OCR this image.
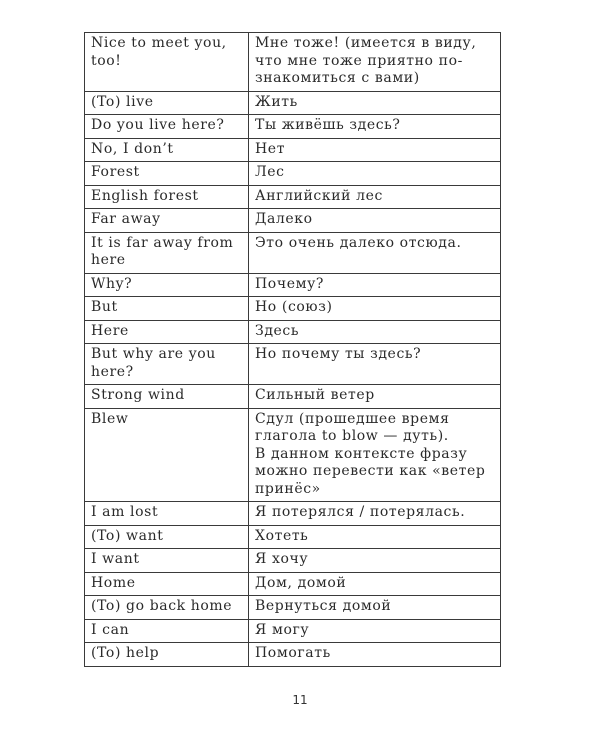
Nice to meet you, too!	Мне тоже! (имеется в виду,
что мне тоже приятно по-
знакомиться с вами)
(To) live	Жить
Do you live here?	Ты живёшь здесь?
No, I don’t	Нет
Forest	Лес
English forest	Английский лес
Far away	Далеко
It is far away from here	Это очень далеко отсюда.
Why?	Почему?
But	Но (союз)
Here	Здесь
But why are you here?	Но почему ты здесь?
Strong wind	Сильный ветер
Blew	Сдул (прошедшее время
глагола to blow — дуть).
В данном контексте фразу
можно перевести как «ветер
принёс»
I am lost	Я потерялся / потерялась.
(To) want	Хотеть
I want	Я хочу
Home	Дом, домой
(To) go back home	Вернуться домой
I can	Я могу
(To) help	Помогать
11
